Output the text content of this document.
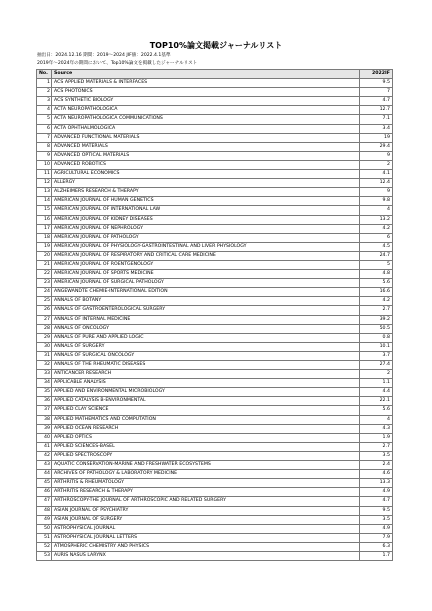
TOP10%論文掲載ジャーナルリスト
抽出日：2024.12.16 期間：2019〜2024 JIF値：2022.4.1基準
2019年〜2024年の期間において、Top10%論文を掲載したジャーナルリスト
No.	Source	2022IF
1	ACS APPLIED MATERIALS & INTERFACES	9.5
2	ACS PHOTONICS	7
3	ACS SYNTHETIC BIOLOGY	4.7
4	ACTA NEUROPATHOLOGICA	12.7
5	ACTA NEUROPATHOLOGICA COMMUNICATIONS	7.1
6	ACTA OPHTHALMOLOGICA	3.4
7	ADVANCED FUNCTIONAL MATERIALS	19
8	ADVANCED MATERIALS	29.4
9	ADVANCED OPTICAL MATERIALS	9
10	ADVANCED ROBOTICS	2
11	AGRICULTURAL ECONOMICS	4.1
12	ALLERGY	12.4
13	ALZHEIMERS RESEARCH & THERAPY	9
14	AMERICAN JOURNAL OF HUMAN GENETICS	9.8
15	AMERICAN JOURNAL OF INTERNATIONAL LAW	4
16	AMERICAN JOURNAL OF KIDNEY DISEASES	13.2
17	AMERICAN JOURNAL OF NEPHROLOGY	4.2
18	AMERICAN JOURNAL OF PATHOLOGY	6
19	AMERICAN JOURNAL OF PHYSIOLOGY-GASTROINTESTINAL AND LIVER PHYSIOLOGY	4.5
20	AMERICAN JOURNAL OF RESPIRATORY AND CRITICAL CARE MEDICINE	24.7
21	AMERICAN JOURNAL OF ROENTGENOLOGY	5
22	AMERICAN JOURNAL OF SPORTS MEDICINE	4.8
23	AMERICAN JOURNAL OF SURGICAL PATHOLOGY	5.6
24	ANGEWANDTE CHEMIE-INTERNATIONAL EDITION	16.6
25	ANNALS OF BOTANY	4.2
26	ANNALS OF GASTROENTEROLOGICAL SURGERY	2.7
27	ANNALS OF INTERNAL MEDICINE	39.2
28	ANNALS OF ONCOLOGY	50.5
29	ANNALS OF PURE AND APPLIED LOGIC	0.8
30	ANNALS OF SURGERY	10.1
31	ANNALS OF SURGICAL ONCOLOGY	3.7
32	ANNALS OF THE RHEUMATIC DISEASES	27.4
33	ANTICANCER RESEARCH	2
34	APPLICABLE ANALYSIS	1.1
35	APPLIED AND ENVIRONMENTAL MICROBIOLOGY	4.4
36	APPLIED CATALYSIS B-ENVIRONMENTAL	22.1
37	APPLIED CLAY SCIENCE	5.6
38	APPLIED MATHEMATICS AND COMPUTATION	4
39	APPLIED OCEAN RESEARCH	4.3
40	APPLIED OPTICS	1.9
41	APPLIED SCIENCES-BASEL	2.7
42	APPLIED SPECTROSCOPY	3.5
43	AQUATIC CONSERVATION-MARINE AND FRESHWATER ECOSYSTEMS	2.4
44	ARCHIVES OF PATHOLOGY & LABORATORY MEDICINE	4.6
45	ARTHRITIS & RHEUMATOLOGY	13.3
46	ARTHRITIS RESEARCH & THERAPY	4.9
47	ARTHROSCOPY-THE JOURNAL OF ARTHROSCOPIC AND RELATED SURGERY	4.7
48	ASIAN JOURNAL OF PSYCHIATRY	9.5
49	ASIAN JOURNAL OF SURGERY	3.5
50	ASTROPHYSICAL JOURNAL	4.9
51	ASTROPHYSICAL JOURNAL LETTERS	7.9
52	ATMOSPHERIC CHEMISTRY AND PHYSICS	6.3
53	AURIS NASUS LARYNX	1.7
